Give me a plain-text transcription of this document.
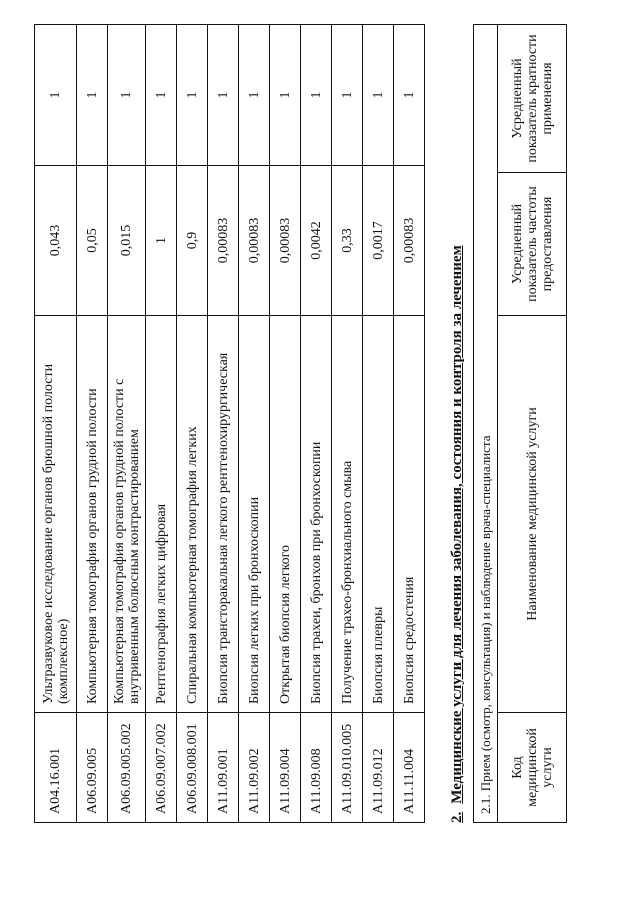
A04.16.001	Ультразвуковое исследование органов брюшной полости (комплексное)	0,043	1
A06.09.005	Компьютерная томография органов грудной полости	0,05	1
A06.09.005.002	Компьютерная томография органов грудной полости с внутривенным болюсным контрастированием	0,015	1
A06.09.007.002	Рентгенография легких цифровая	1	1
A06.09.008.001	Спиральная компьютерная томография легких	0,9	1
A11.09.001	Биопсия трансторакальная легкого рентгенохирургическая	0,00083	1
A11.09.002	Биопсия легких при бронхоскопии	0,00083	1
A11.09.004	Открытая биопсия легкого	0,00083	1
A11.09.008	Биопсия трахеи, бронхов при бронхоскопии	0,0042	1
A11.09.010.005	Получение трахео-бронхиального смыва	0,33	1
A11.09.012	Биопсия плевры	0,0017	1
A11.11.004	Биопсия средостения	0,00083	1
2.Медицинские услуги для лечения заболевания, состояния и контроля за лечением 2.1. Прием (осмотр, консультация) и наблюдение врача-специалиста
Код медицинской услуги	Наименование медицинской услуги	Усредненный показатель частоты предоставления	Усредненный показатель кратности применения
